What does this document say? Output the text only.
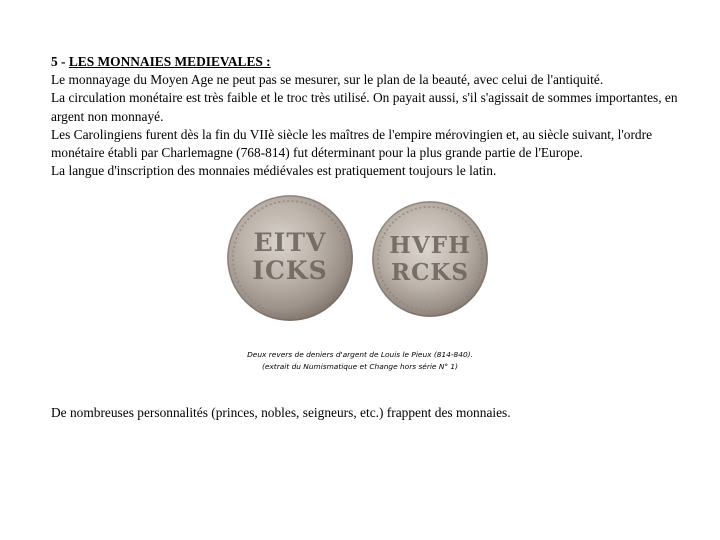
5 - LES MONNAIES MEDIEVALES :

Le monnayage du Moyen Age ne peut pas se mesurer, sur le plan de la beauté, avec celui de l'antiquité.

La circulation monétaire est très faible et le troc très utilisé. On payait aussi, s'il s'agissait de sommes importantes, en argent non monnayé.

Les Carolingiens furent dès la fin du VIIè siècle les maîtres de l'empire mérovingien et, au siècle suivant, l'ordre monétaire établi par Charlemagne (768-814) fut déterminant pour la plus grande partie de l'Europe.

La langue d'inscription des monnaies médiévales est pratiquement toujours le latin.

EITV
ICKS
HVFH
RCKS
Deux revers de deniers d'argent de Louis le Pieux (814-840).
(extrait du Numismatique et Change hors série N° 1)

De nombreuses personnalités (princes, nobles, seigneurs, etc.) frappent des monnaies.
